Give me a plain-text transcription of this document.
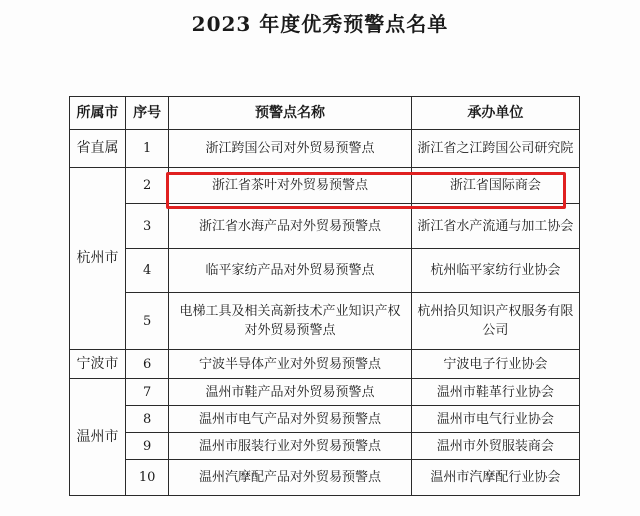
2023 年度优秀预警点名单
所属市	序号	预警点名称	承办单位
省直属	1	浙江跨国公司对外贸易预警点	浙江省之江跨国公司研究院
杭州市	2	浙江省茶叶对外贸易预警点	浙江省国际商会
	3	浙江省水海产品对外贸易预警点	浙江省水产流通与加工协会
	4	临平家纺产品对外贸易预警点	杭州临平家纺行业协会
	5	电梯工具及相关高新技术产业知识产权对外贸易预警点	杭州拾贝知识产权服务有限公司
宁波市	6	宁波半导体产业对外贸易预警点	宁波电子行业协会
温州市	7	温州市鞋产品对外贸易预警点	温州市鞋革行业协会
	8	温州市电气产品对外贸易预警点	温州市电气行业协会
	9	温州市服装行业对外贸易预警点	温州市外贸服装商会
	10	温州汽摩配产品对外贸易预警点	温州市汽摩配行业协会
